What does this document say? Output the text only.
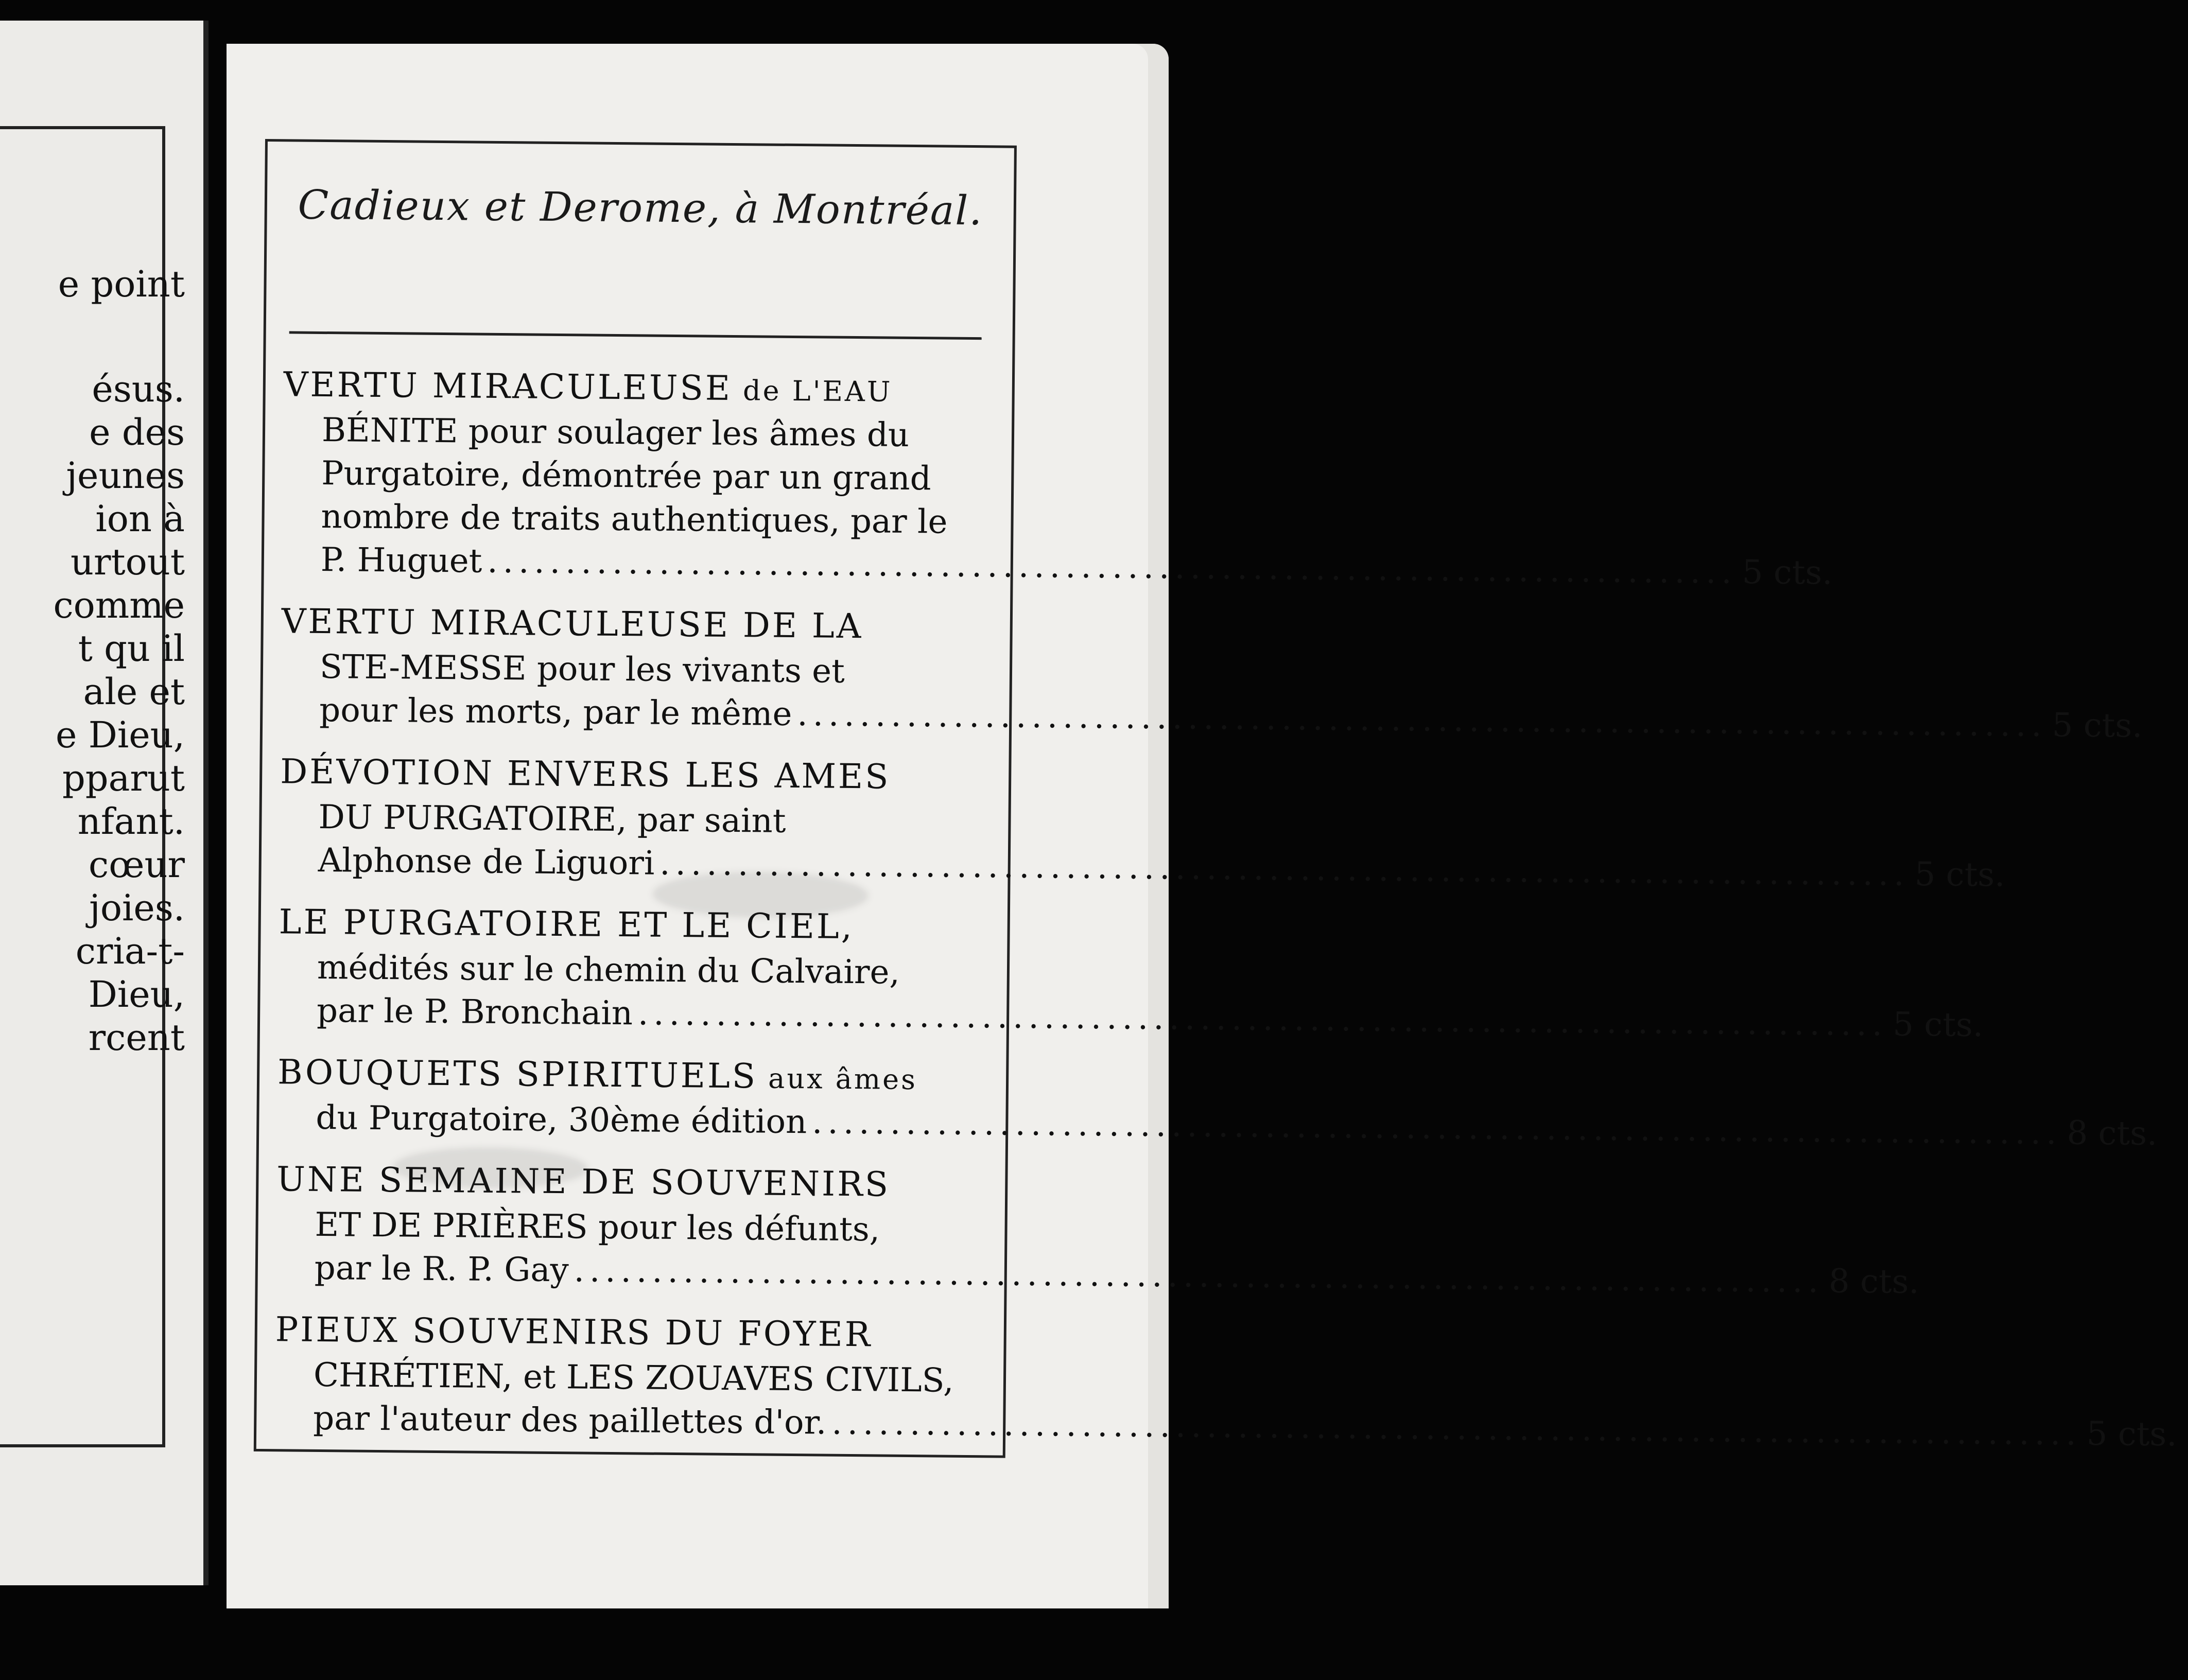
e point
ésus.
e des
jeunes
ion à
urtout
comme
t qu il
ale et
e Dieu,
pparut
nfant.
cœur
joies.
cria-t-
Dieu,
rcent
Cadieux et Derome, à Montréal.
VERTU MIRACULEUSE de L'EAU
BÉNITE pour soulager les âmes du
Purgatoire, démontrée par un grand
nombre de traits authentiques, par le
P. Huguet ................................................................................ 5 cts.
VERTU MIRACULEUSE DE LA
STE-MESSE pour les vivants et
pour les morts, par le même ................................................................................ 5 cts.
DÉVOTION ENVERS LES AMES
DU PURGATOIRE, par saint
Alphonse de Liguori ................................................................................ 5 cts.
LE PURGATOIRE ET LE CIEL,
médités sur le chemin du Calvaire,
par le P. Bronchain ................................................................................ 5 cts.
BOUQUETS SPIRITUELS aux âmes
du Purgatoire, 30ème édition ................................................................................ 8 cts.
UNE SEMAINE DE SOUVENIRS
ET DE PRIÈRES pour les défunts,
par le R. P. Gay ................................................................................ 8 cts.
PIEUX SOUVENIRS DU FOYER
CHRÉTIEN, et LES ZOUAVES CIVILS,
par l'auteur des paillettes d'or. ................................................................................ 5 cts.
